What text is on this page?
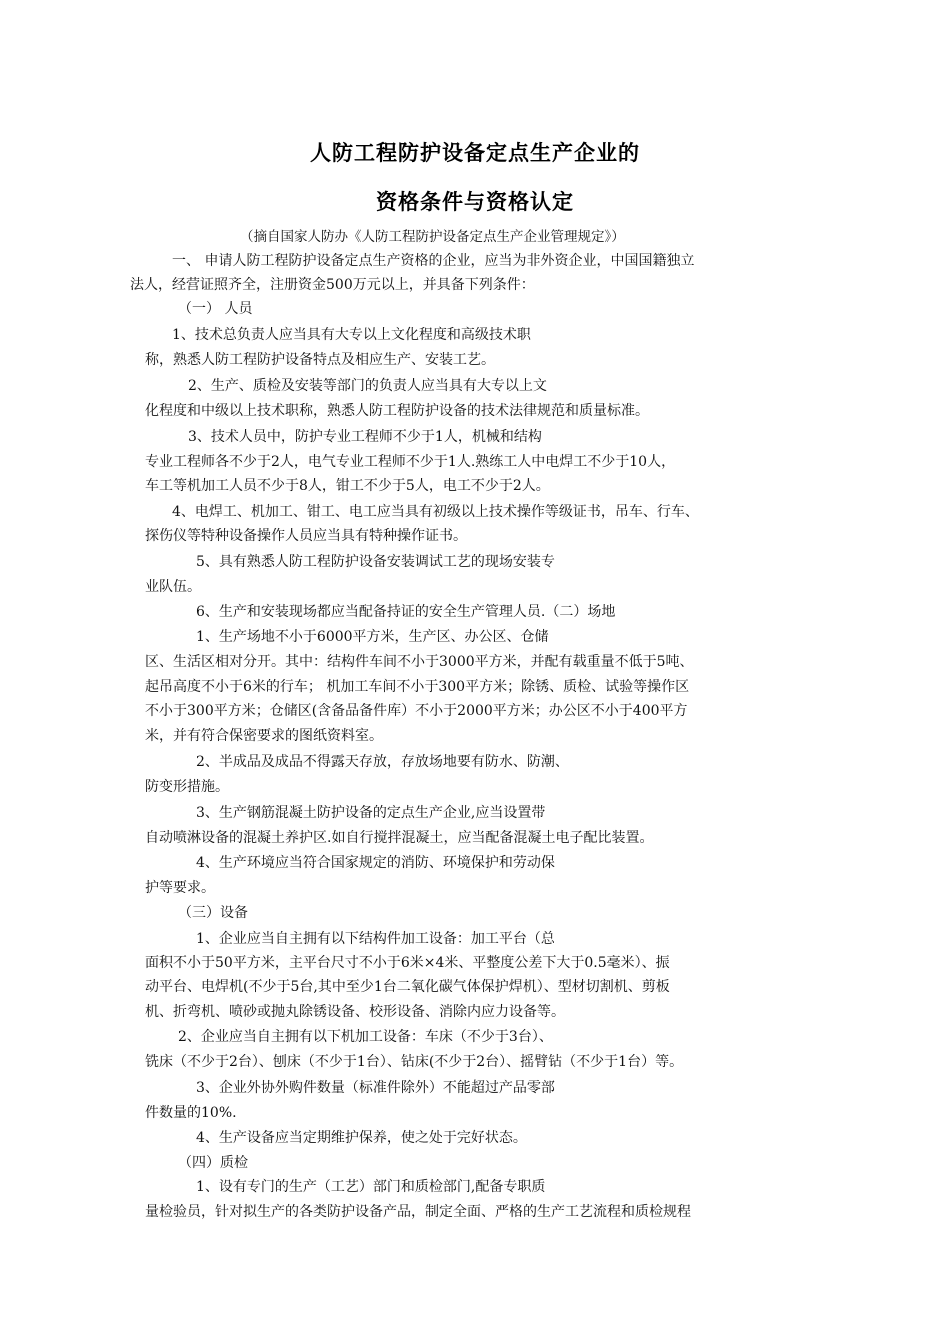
人防工程防护设备定点生产企业的
资格条件与资格认定
（摘自国家人防办《人防工程防护设备定点生产企业管理规定》）
一、 申请人防工程防护设备定点生产资格的企业，应当为非外资企业，中国国籍独立
法人，经营证照齐全，注册资金500万元以上，并具备下列条件：
（一） 人员
1、技术总负责人应当具有大专以上文化程度和高级技术职
称，熟悉人防工程防护设备特点及相应生产、安装工艺。
2、生产、质检及安装等部门的负责人应当具有大专以上文
化程度和中级以上技术职称，熟悉人防工程防护设备的技术法律规范和质量标准。
3、技术人员中，防护专业工程师不少于1人，机械和结构
专业工程师各不少于2人，电气专业工程师不少于1人.熟练工人中电焊工不少于10人，
车工等机加工人员不少于8人，钳工不少于5人，电工不少于2人。
4、电焊工、机加工、钳工、电工应当具有初级以上技术操作等级证书，吊车、行车、
探伤仪等特种设备操作人员应当具有特种操作证书。
5、具有熟悉人防工程防护设备安装调试工艺的现场安装专
业队伍。
6、生产和安装现场都应当配备持证的安全生产管理人员.（二）场地
1、生产场地不小于6000平方米，生产区、办公区、仓储
区、生活区相对分开。其中：结构件车间不小于3000平方米，并配有载重量不低于5吨、
起吊高度不小于6米的行车； 机加工车间不小于300平方米；除锈、质检、试验等操作区
不小于300平方米；仓储区(含备品备件库）不小于2000平方米；办公区不小于400平方
米，并有符合保密要求的图纸资料室。
2、半成品及成品不得露天存放，存放场地要有防水、防潮、
防变形措施。
3、生产钢筋混凝土防护设备的定点生产企业,应当设置带
自动喷淋设备的混凝土养护区.如自行搅拌混凝土，应当配备混凝土电子配比装置。
4、生产环境应当符合国家规定的消防、环境保护和劳动保
护等要求。
（三）设备
1、企业应当自主拥有以下结构件加工设备：加工平台（总
面积不小于50平方米，主平台尺寸不小于6米×4米、平整度公差下大于0.5毫米）、振
动平台、电焊机(不少于5台,其中至少1台二氧化碳气体保护焊机）、型材切割机、剪板
机、折弯机、喷砂或抛丸除锈设备、校形设备、消除内应力设备等。
2、企业应当自主拥有以下机加工设备：车床（不少于3台）、
铣床（不少于2台）、刨床（不少于1台）、钻床(不少于2台）、摇臂钻（不少于1台）等。
3、企业外协外购件数量（标准件除外）不能超过产品零部
件数量的10%.
4、生产设备应当定期维护保养，使之处于完好状态。
（四）质检
1、设有专门的生产（工艺）部门和质检部门,配备专职质
量检验员，针对拟生产的各类防护设备产品，制定全面、严格的生产工艺流程和质检规程
